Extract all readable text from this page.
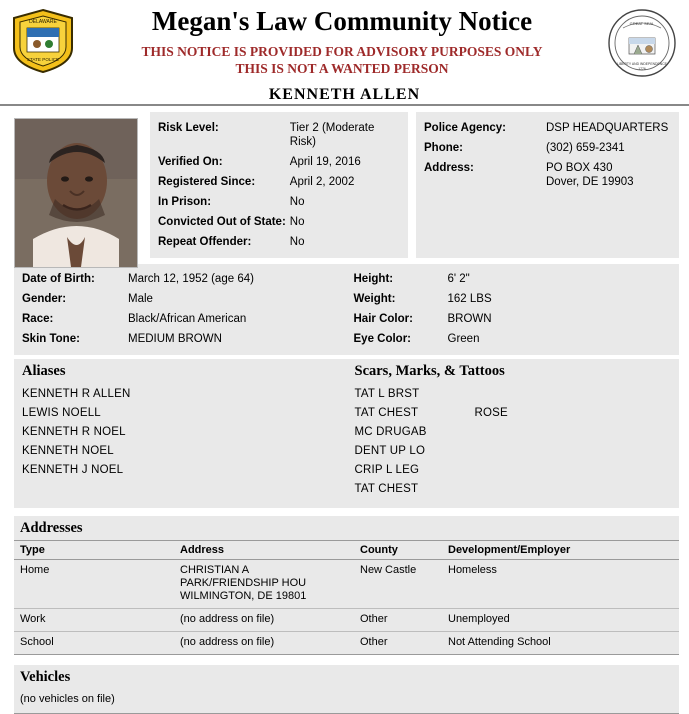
DELAWARE
STATE POLICE
GREAT SEAL
LIBERTY AND INDEPENDENCE
1776
Megan's Law Community Notice
THIS NOTICE IS PROVIDED FOR ADVISORY PURPOSES ONLY
THIS IS NOT A WANTED PERSON
KENNETH ALLEN
Risk Level:	Tier 2 (Moderate Risk)
Verified On:	April 19, 2016
Registered Since:	April 2, 2002
In Prison:	No
Convicted Out of State:	No
Repeat Offender:	No
Police Agency:	DSP HEADQUARTERS
Phone:	(302) 659-2341
Address:	PO BOX 430
Dover, DE 19903
Date of Birth:	March 12, 1952 (age 64)
Gender:	Male
Race:	Black/African American
Skin Tone:	MEDIUM BROWN
Height:	6' 2"
Weight:	162 LBS
Hair Color:	BROWN
Eye Color:	Green
Aliases
KENNETH R ALLEN
LEWIS NOELL
KENNETH R NOEL
KENNETH NOEL
KENNETH J NOEL
Scars, Marks, & Tattoos
TAT L BRST
TAT CHEST	ROSE
MC DRUGAB
DENT UP LO
CRIP L LEG
TAT CHEST
Addresses
Type	Address	County	Development/Employer
Home	CHRISTIAN A
PARK/FRIENDSHIP HOU
WILMINGTON, DE 19801	New Castle	Homeless
Work	(no address on file)	Other	Unemployed
School	(no address on file)	Other	Not Attending School
Vehicles
(no vehicles on file)
